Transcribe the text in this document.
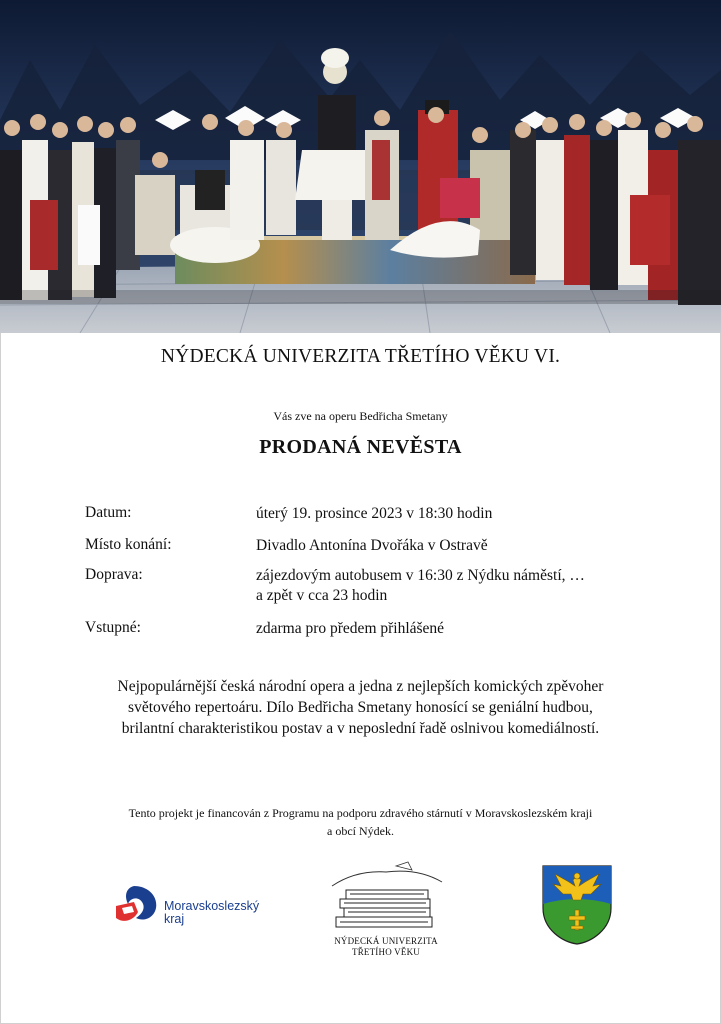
NÝDECKÁ UNIVERZITA TŘETÍHO VĚKU VI.
Vás zve na operu Bedřicha Smetany
PRODANÁ NEVĚSTA
Datum:	úterý 19. prosince 2023 v 18:30 hodin
Místo konání:	Divadlo Antonína Dvořáka v Ostravě
Doprava:	zájezdovým autobusem v 16:30 z Nýdku náměstí, …
a zpět v cca 23 hodin
Vstupné:	zdarma pro předem přihlášené
Nejpopulárnější česká národní opera a jedna z nejlepších komických zpěvoher
světového repertoáru. Dílo Bedřicha Smetany honosící se geniální hudbou,
brilantní charakteristikou postav a v neposlední řadě oslnivou komediálností.
Tento projekt je financován z Programu na podporu zdravého stárnutí v Moravskoslezském kraji
a obcí Nýdek.
Moravskoslezský
kraj
NÝDECKÁ UNIVERZITA
TŘETÍHO VĚKU
